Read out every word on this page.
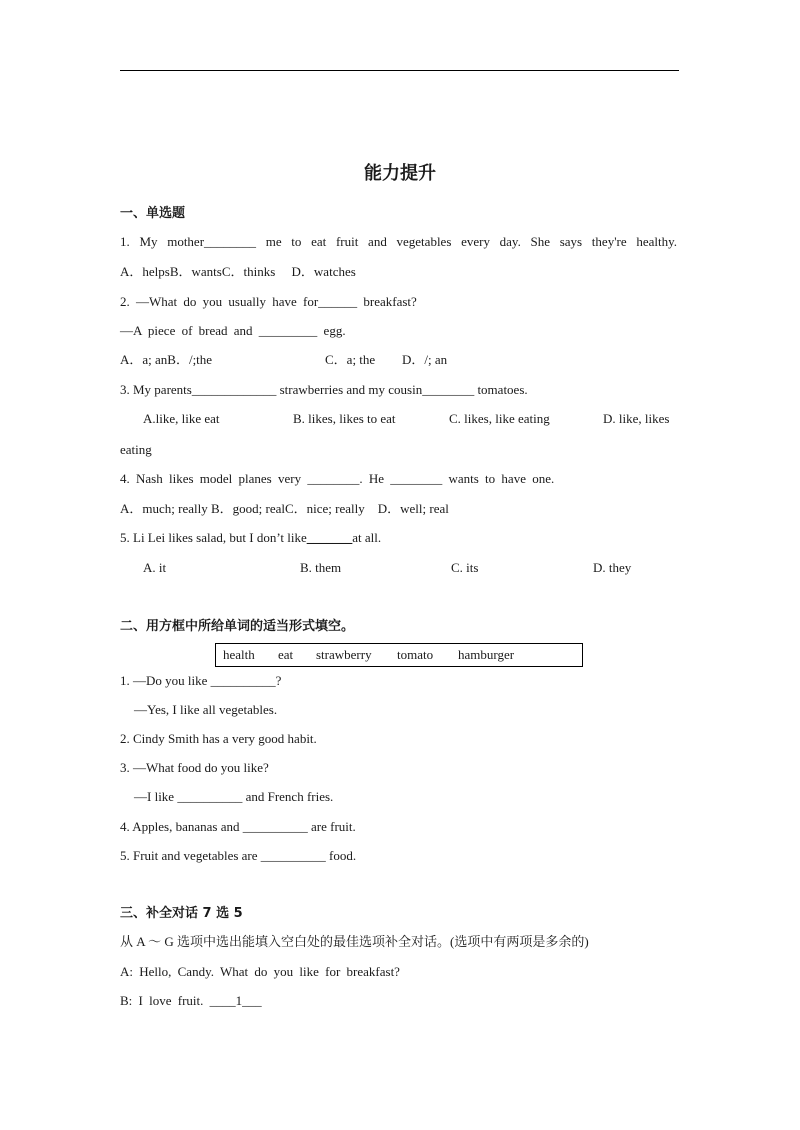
能力提升
一、单选题
1. My mother________ me to eat fruit and vegetables every day. She says they're healthy.
A．helpsB．wantsC．thinks　 D．watches
2. —What do you usually have for______ breakfast?
—A piece of bread and _________ egg.
A．a; anB．/;the	C．a; the D．/; an
3. My parents_____________ strawberries and my cousin________ tomatoes.
A.like, like eat	B. likes, likes to eat	C. likes, like eating	D. like, likes
eating
4. Nash likes model planes very ________. He ________ wants to have one.
A．much; really B．good; realC．nice; really　D．well; real
5. Li Lei likes salad, but I don’t like_______at all.
A. it	B. them	C. its	D. they
二、用方框中所给单词的适当形式填空。
health eat strawberry tomato hamburger
1. —Do you like __________?
—Yes, I like all vegetables.
2. Cindy Smith has a very good habit.
3. —What food do you like?
—I like __________ and French fries.
4. Apples, bananas and __________ are fruit.
5. Fruit and vegetables are __________ food.
三、补全对话 7 选 5
从 A ～ G 选项中选出能填入空白处的最佳选项补全对话。(选项中有两项是多余的)
A: Hello, Candy. What do you like for breakfast?
B: I love fruit. ____1___
